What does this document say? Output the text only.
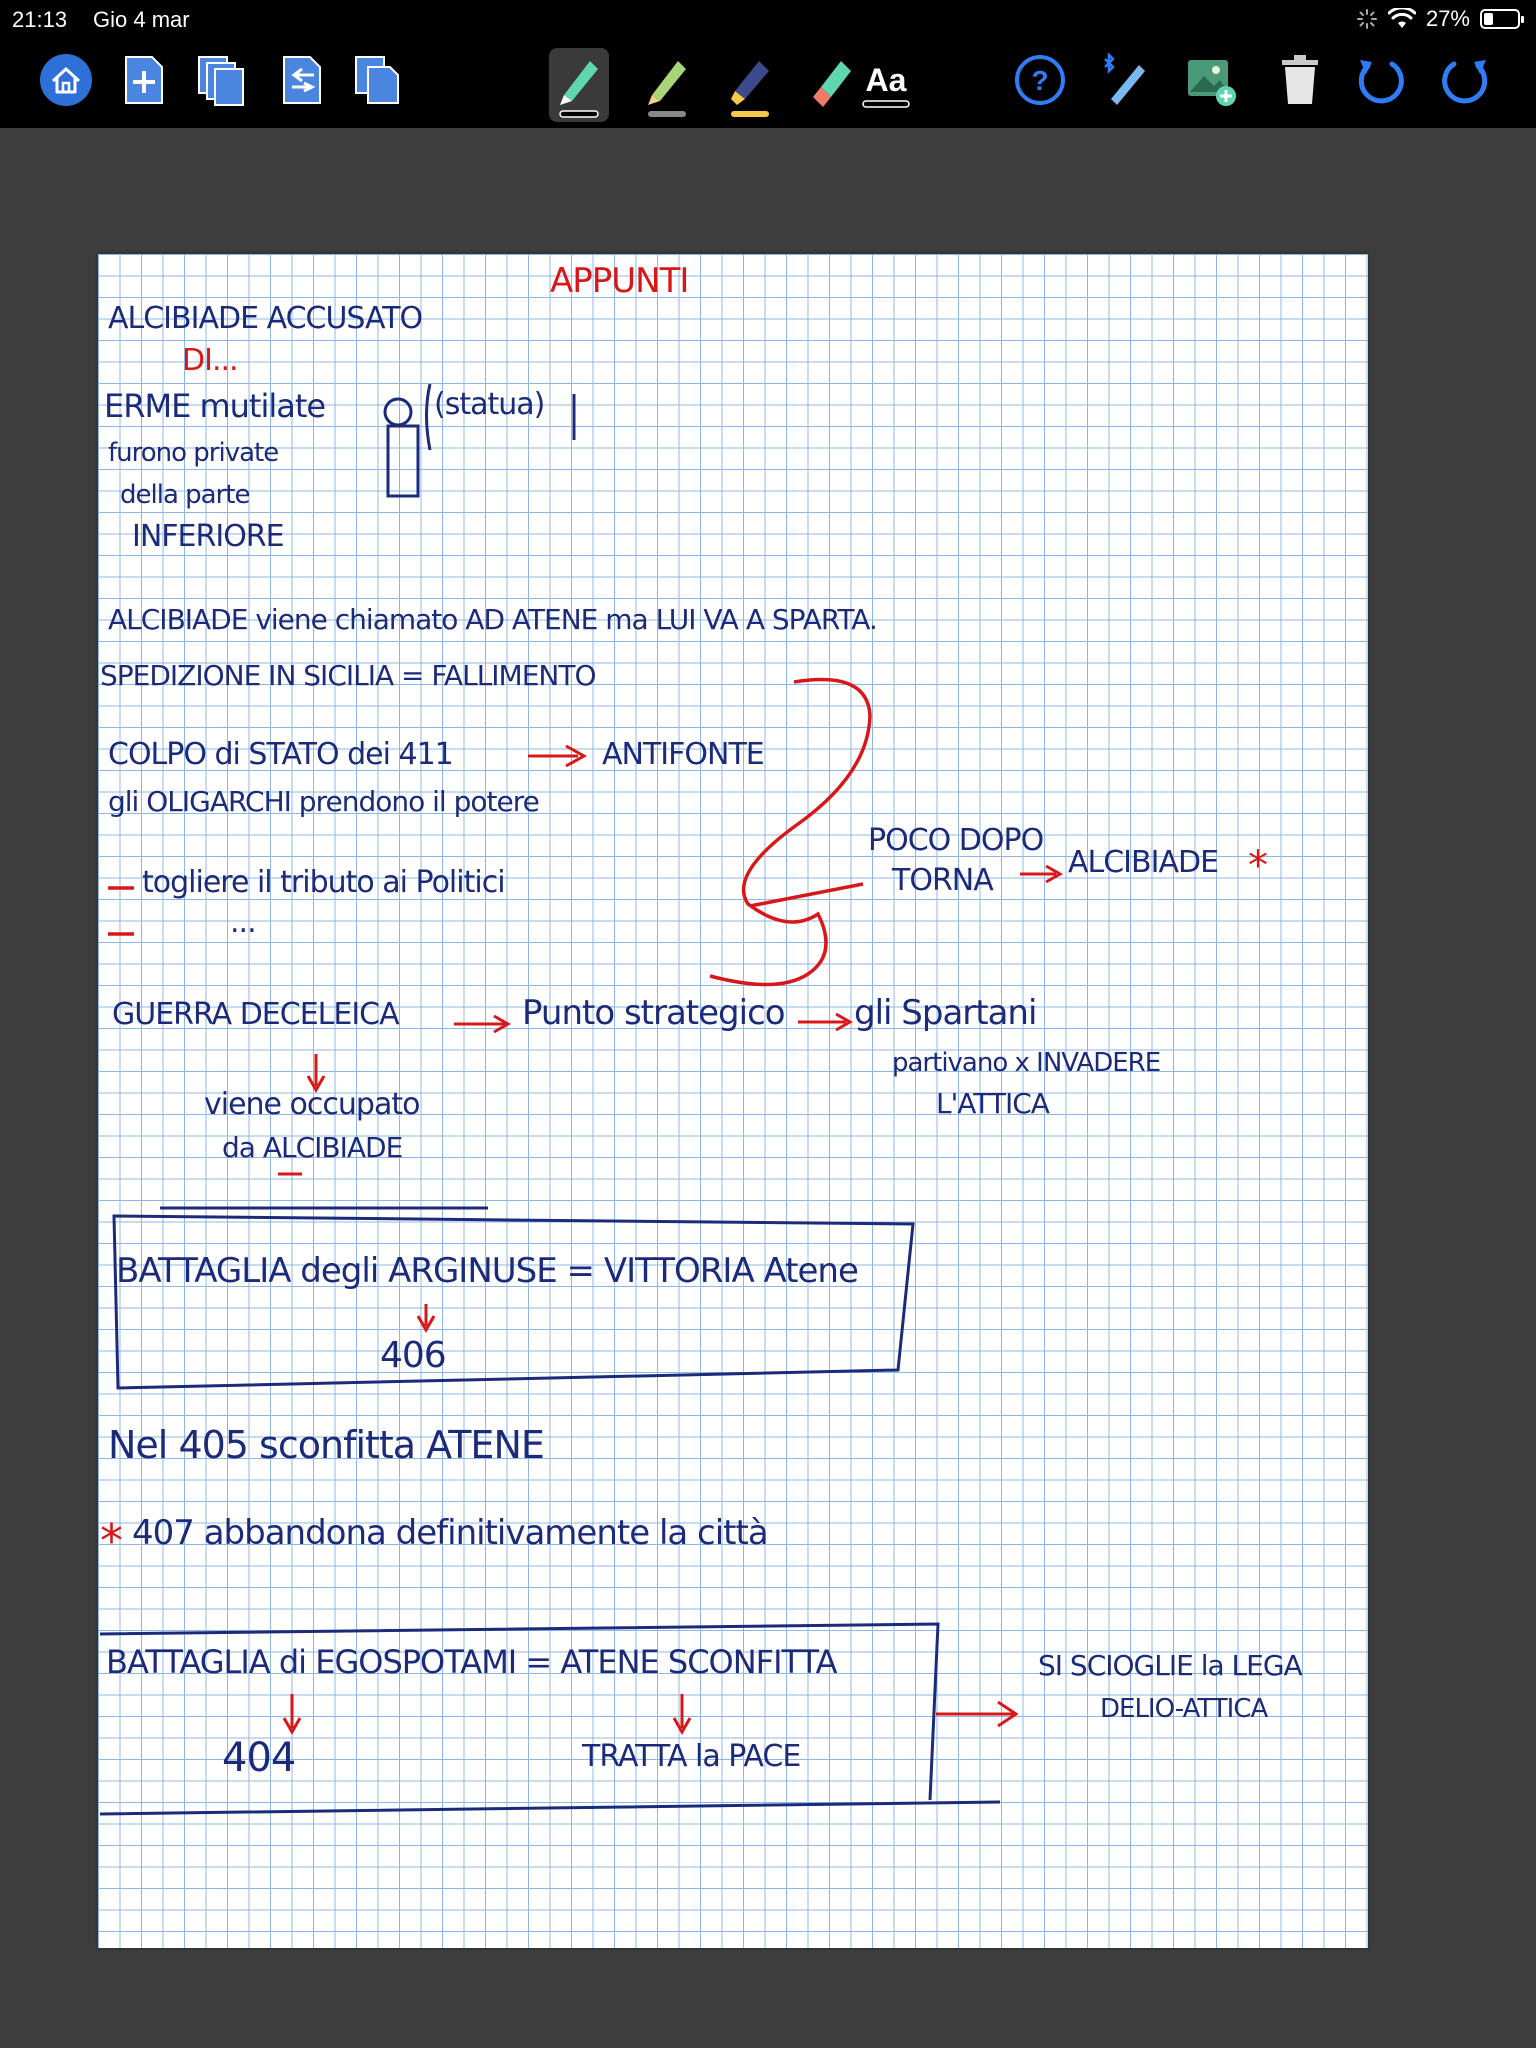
21:13 Gio 4 mar	27%
Aa	?
APPUNTI
ALCIBIADE ACCUSATO
DI...
ERME mutilate	(statua)
furono private
della parte
INFERIORE
ALCIBIADE viene chiamato AD ATENE ma LUI VA A SPARTA.
SPEDIZIONE IN SICILIA = FALLIMENTO
COLPO di STATO dei 411	ANTIFONTE
gli OLIGARCHI prendono il potere
togliere il tributo ai Politici
...
POCO DOPO
TORNA
ALCIBIADE *
GUERRA DECELEICA	Punto strategico gli Spartani
partivano x INVADERE
L'ATTICA
viene occupato
da ALCIBIADE
BATTAGLIA degli ARGINUSE = VITTORIA Atene
406
Nel 405 sconfitta ATENE
* 407 abbandona definitivamente la città
BATTAGLIA di EGOSPOTAMI = ATENE SCONFITTA
404	TRATTA la PACE
SI SCIOGLIE la LEGA
DELIO-ATTICA
